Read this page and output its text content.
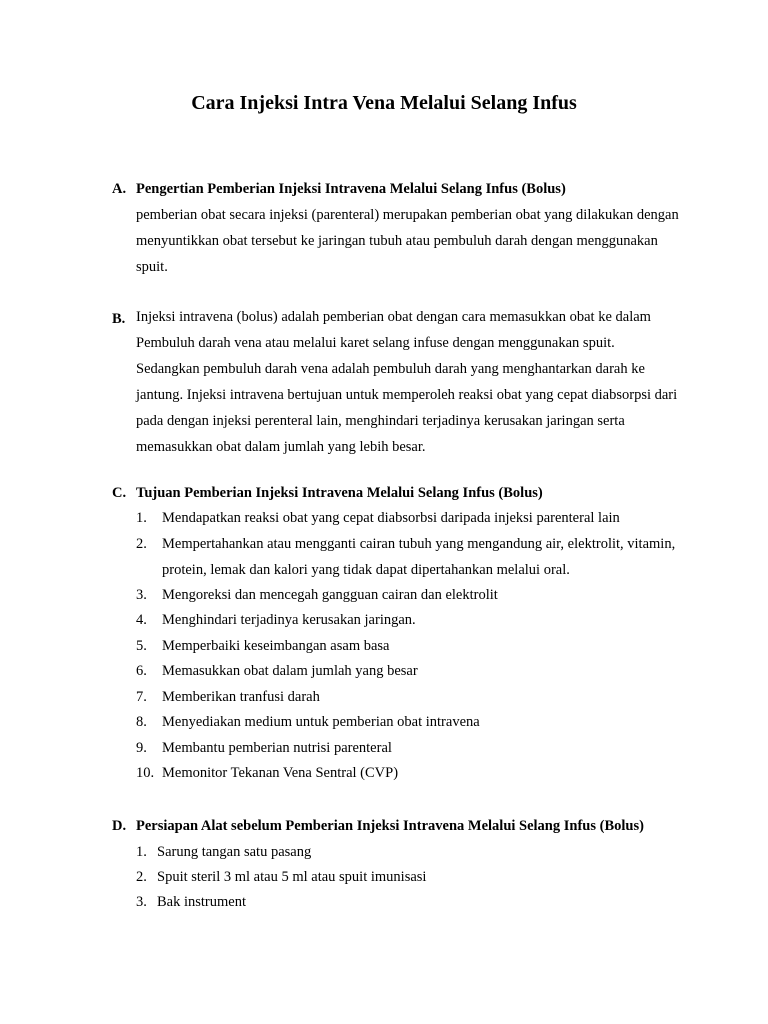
Cara Injeksi Intra Vena Melalui Selang Infus
A. Pengertian Pemberian Injeksi Intravena Melalui Selang Infus (Bolus)

pemberian obat secara injeksi (parenteral) merupakan pemberian obat yang dilakukan dengan
menyuntikkan obat tersebut ke jaringan tubuh atau pembuluh darah dengan menggunakan
spuit.

B. Injeksi intravena (bolus) adalah pemberian obat dengan cara memasukkan obat ke dalam
Pembuluh darah vena atau melalui karet selang infuse dengan menggunakan spuit.
Sedangkan pembuluh darah vena adalah pembuluh darah yang menghantarkan darah ke
jantung. Injeksi intravena bertujuan untuk memperoleh reaksi obat yang cepat diabsorpsi dari
pada dengan injeksi perenteral lain, menghindari terjadinya kerusakan jaringan serta
memasukkan obat dalam jumlah yang lebih besar.

C. Tujuan Pemberian Injeksi Intravena Melalui Selang Infus (Bolus)
1. Mendapatkan reaksi obat yang cepat diabsorbsi daripada injeksi parenteral lain
2. Mempertahankan atau mengganti cairan tubuh yang mengandung air, elektrolit, vitamin,
protein, lemak dan kalori yang tidak dapat dipertahankan melalui oral.
3. Mengoreksi dan mencegah gangguan cairan dan elektrolit
4. Menghindari terjadinya kerusakan jaringan.
5. Memperbaiki keseimbangan asam basa
6. Memasukkan obat dalam jumlah yang besar
7. Memberikan tranfusi darah
8. Menyediakan medium untuk pemberian obat intravena
9. Membantu pemberian nutrisi parenteral
10. Memonitor Tekanan Vena Sentral (CVP)
D. Persiapan Alat sebelum Pemberian Injeksi Intravena Melalui Selang Infus (Bolus)
1. Sarung tangan satu pasang
2. Spuit steril 3 ml atau 5 ml atau spuit imunisasi
3. Bak instrument
